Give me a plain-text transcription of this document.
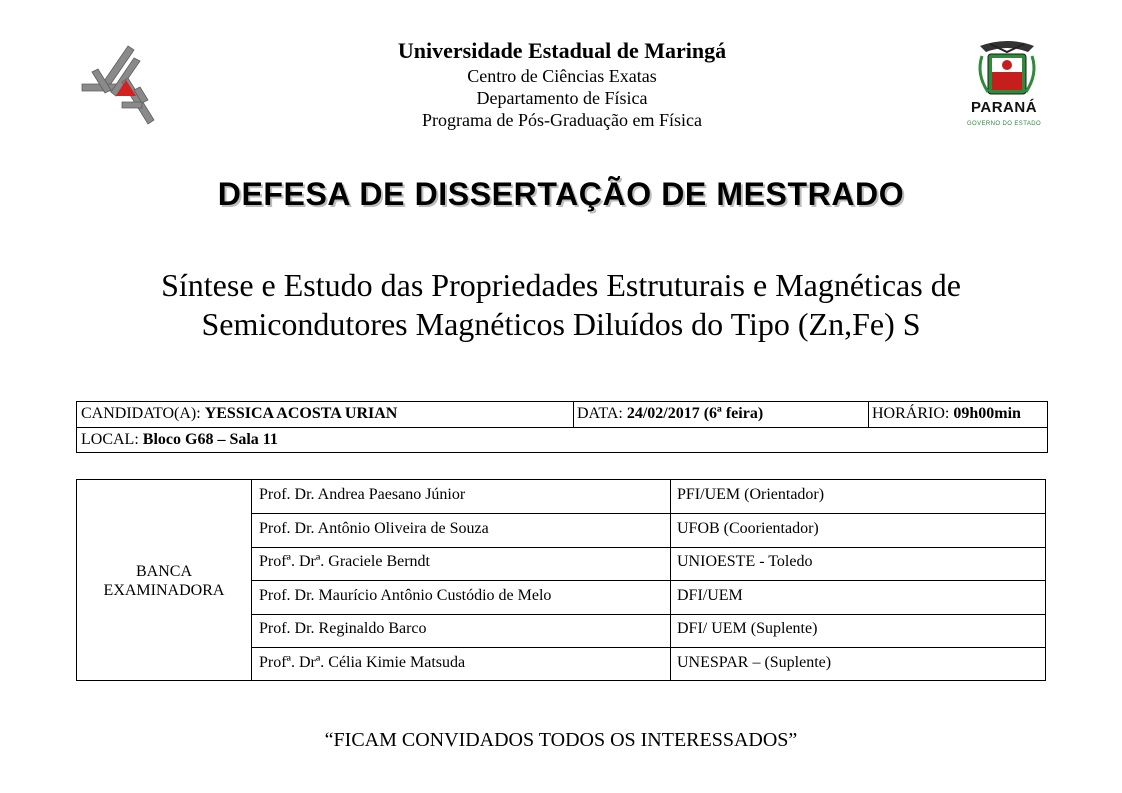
Universidade Estadual de Maringá
Centro de Ciências Exatas
Departamento de Física
Programa de Pós-Graduação em Física
PARANÁ
GOVERNO DO ESTADO
DEFESA DE DISSERTAÇÃO DE MESTRADO
Síntese e Estudo das Propriedades Estruturais e Magnéticas de
Semicondutores Magnéticos Diluídos do Tipo (Zn,Fe) S
CANDIDATO(A): YESSICA ACOSTA URIAN	DATA: 24/02/2017 (6ª feira)	HORÁRIO: 09h00min
LOCAL: Bloco G68 – Sala 11
BANCA
EXAMINADORA
Prof. Dr. Andrea Paesano Júnior	PFI/UEM (Orientador)
Prof. Dr. Antônio Oliveira de Souza	UFOB (Coorientador)
Profª. Drª. Graciele Berndt	UNIOESTE - Toledo
Prof. Dr. Maurício Antônio Custódio de Melo	DFI/UEM
Prof. Dr. Reginaldo Barco	DFI/ UEM (Suplente)
Profª. Drª. Célia Kimie Matsuda	UNESPAR – (Suplente)
“FICAM CONVIDADOS TODOS OS INTERESSADOS”
